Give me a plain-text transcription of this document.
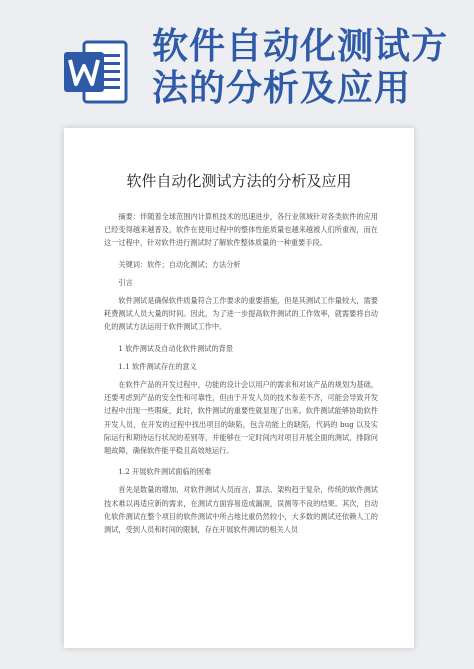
软件自动化测试方法的分析及应用
软件自动化测试方法的分析及应用

摘要：伴随着全球范围内计算机技术的迅速进步，各行业领域针对各类软件的应用已经变得越来越普及，软件在使用过程中的整体性能质量也越来越被人们所重视，而在这一过程中，针对软件进行测试时了解软件整体质量的一种重要手段。

关键词：软件；自动化测试；方法分析

引言

软件测试是确保软件质量符合工作要求的重要措施，但是其测试工作量较大，需要耗费测试人员大量的时间。因此，为了进一步提高软件测试的工作效率，就需要将自动化的测试方法运用于软件测试工作中。

1 软件测试及自动化软件测试的背景

1.1 软件测试存在的意义

在软件产品的开发过程中，功能的设计会以用户的需求和对该产品的规划为基础，还要考虑到产品的安全性和可靠性，但由于开发人员的技术参差不齐，可能会导致开发过程中出现一些瑕疵，此时，软件测试的重要性就显现了出来。软件测试能够协助软件开发人员，在开发的过程中找出项目的缺陷，包含功能上的缺陷，代码的 bug 以及实际运行和期待运行状况的差别等，并能够在一定时间内对项目开展全面的测试，排除问题故障，确保软件能平稳且高效地运行。

1.2 开展软件测试面临的困难

首先是数量的增加，对软件测试人员而言，算法、架构趋于复杂，传统的软件测试技术难以再适应新的需求，在测试方面容易造成漏洞，误测等不良的结果。其次，自动化软件测试在整个项目的软件测试中所占地比重仍然较小，大多数的测试还依赖人工的测试，受到人员和时间的限制，存在开展软件测试的相关人员
